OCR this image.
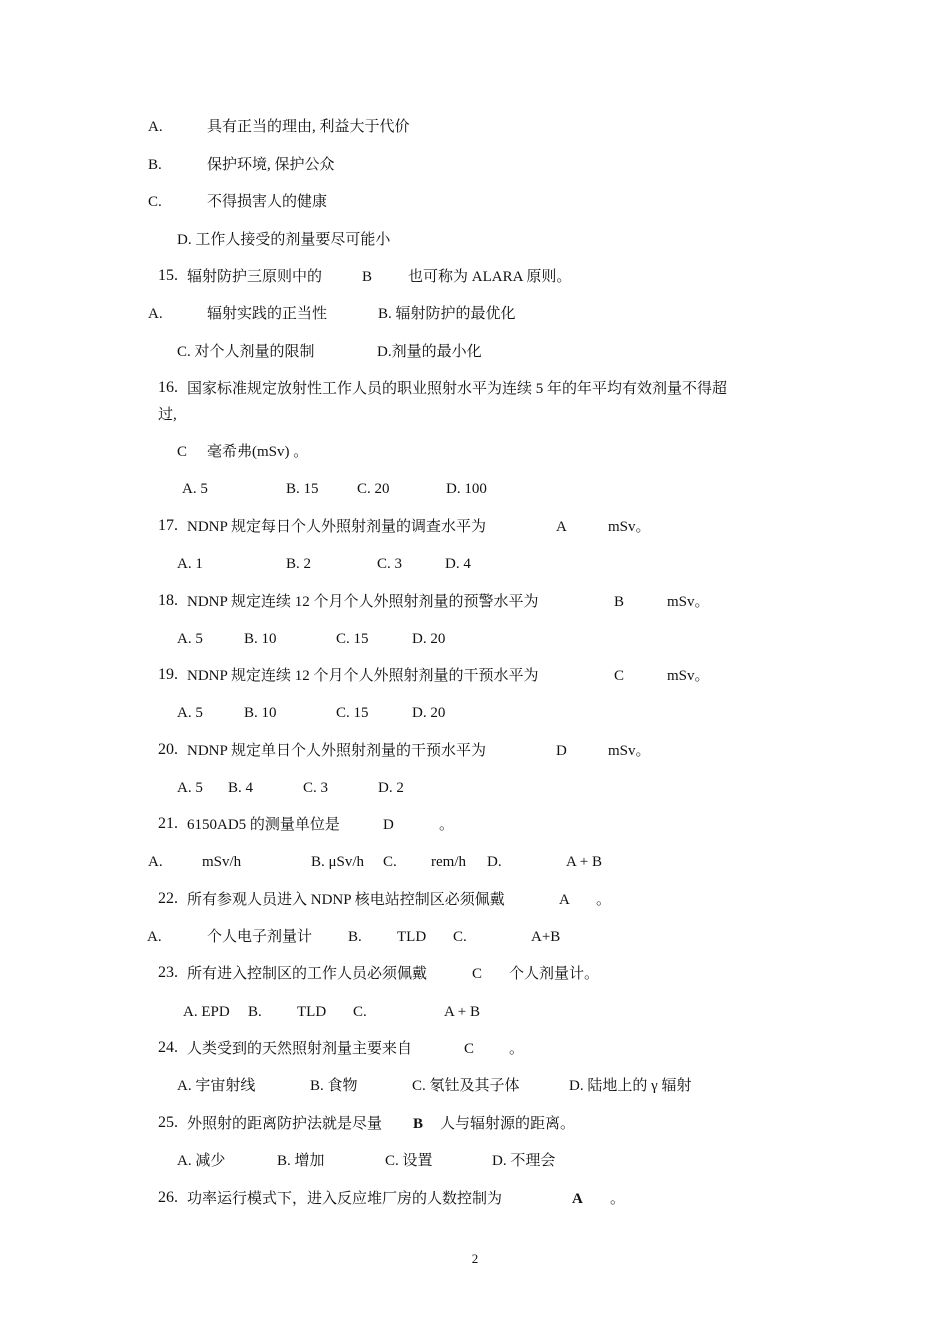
A.	具有正当的理由, 利益大于代价
B.	保护环境, 保护公众
C.	不得损害人的健康
D. 工作人接受的剂量要尽可能小
15. 辐射防护三原则中的	B 也可称为 ALARA 原则。
A.	辐射实践的正当性	B. 辐射防护的最优化
C. 对个人剂量的限制	D.剂量的最小化
16. 国家标准规定放射性工作人员的职业照射水平为连续 5 年的年平均有效剂量不得超
过,
C 毫希弗(mSv) 。
A. 5	B. 15	C. 20	D. 100
17. NDNP 规定每日个人外照射剂量的调查水平为	A	mSv。
A. 1	B. 2	C. 3	D. 4
18. NDNP 规定连续 12 个月个人外照射剂量的预警水平为	B	mSv。
A. 5	B. 10	C. 15	D. 20
19. NDNP 规定连续 12 个月个人外照射剂量的干预水平为	C	mSv。
A. 5	B. 10	C. 15	D. 20
20. NDNP 规定单日个人外照射剂量的干预水平为	D	mSv。
A. 5 B. 4	C. 3	D. 2
21. 6150AD5 的测量单位是	D	。
A.	mSv/h	B. μSv/h C. rem/h D.	A + B
22. 所有参观人员进入 NDNP 核电站控制区必须佩戴	A 。
A.	个人电子剂量计 B. TLD C.	A+B
23. 所有进入控制区的工作人员必须佩戴	C 个人剂量计。
A. EPD B. TLD C.	A + B
24. 人类受到的天然照射剂量主要来自	C 。
A. 宇宙射线	B. 食物	C. 氡钍及其子体	D. 陆地上的 γ 辐射
25. 外照射的距离防护法就是尽量 B 人与辐射源的距离。
A. 减少	B. 增加	C. 设置	D. 不理会
26. 功率运行模式下，进入反应堆厂房的人数控制为	A 。
2
